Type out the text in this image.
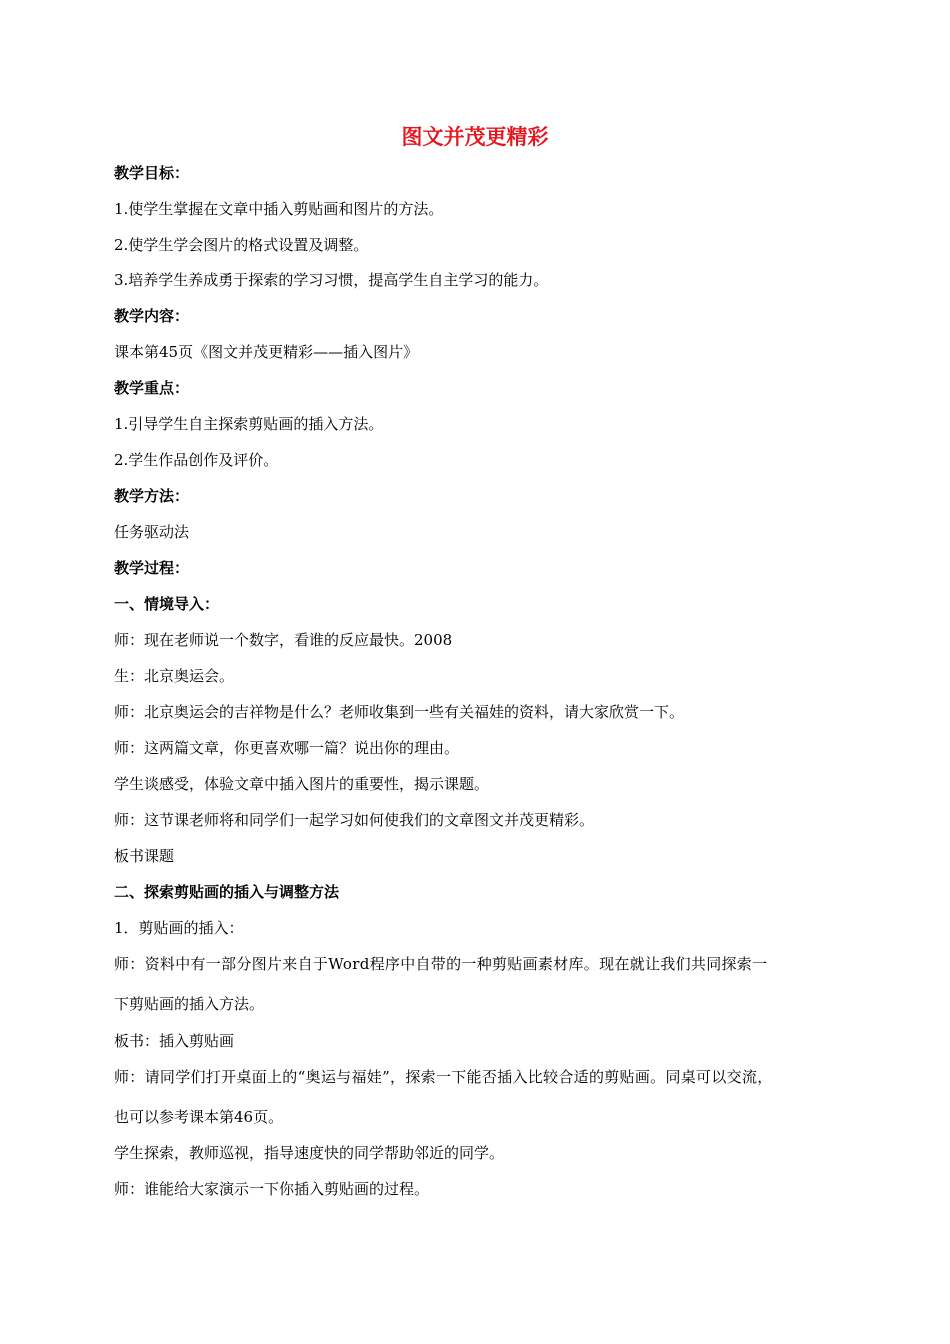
图文并茂更精彩
教学目标：
1.使学生掌握在文章中插入剪贴画和图片的方法。
2.使学生学会图片的格式设置及调整。
3.培养学生养成勇于探索的学习习惯，提高学生自主学习的能力。
教学内容：
课本第45页《图文并茂更精彩——插入图片》
教学重点：
1.引导学生自主探索剪贴画的插入方法。
2.学生作品创作及评价。
教学方法：
任务驱动法
教学过程：
一、情境导入：
师：现在老师说一个数字，看谁的反应最快。2008
生：北京奥运会。
师：北京奥运会的吉祥物是什么？老师收集到一些有关福娃的资料，请大家欣赏一下。
师：这两篇文章，你更喜欢哪一篇？说出你的理由。
学生谈感受，体验文章中插入图片的重要性，揭示课题。
师：这节课老师将和同学们一起学习如何使我们的文章图文并茂更精彩。
板书课题
二、探索剪贴画的插入与调整方法
1．剪贴画的插入：
师：资料中有一部分图片来自于Word程序中自带的一种剪贴画素材库。现在就让我们共同探索一
下剪贴画的插入方法。
板书：插入剪贴画
师：请同学们打开桌面上的“奥运与福娃”，探索一下能否插入比较合适的剪贴画。同桌可以交流，
也可以参考课本第46页。
学生探索，教师巡视，指导速度快的同学帮助邻近的同学。
师：谁能给大家演示一下你插入剪贴画的过程。
